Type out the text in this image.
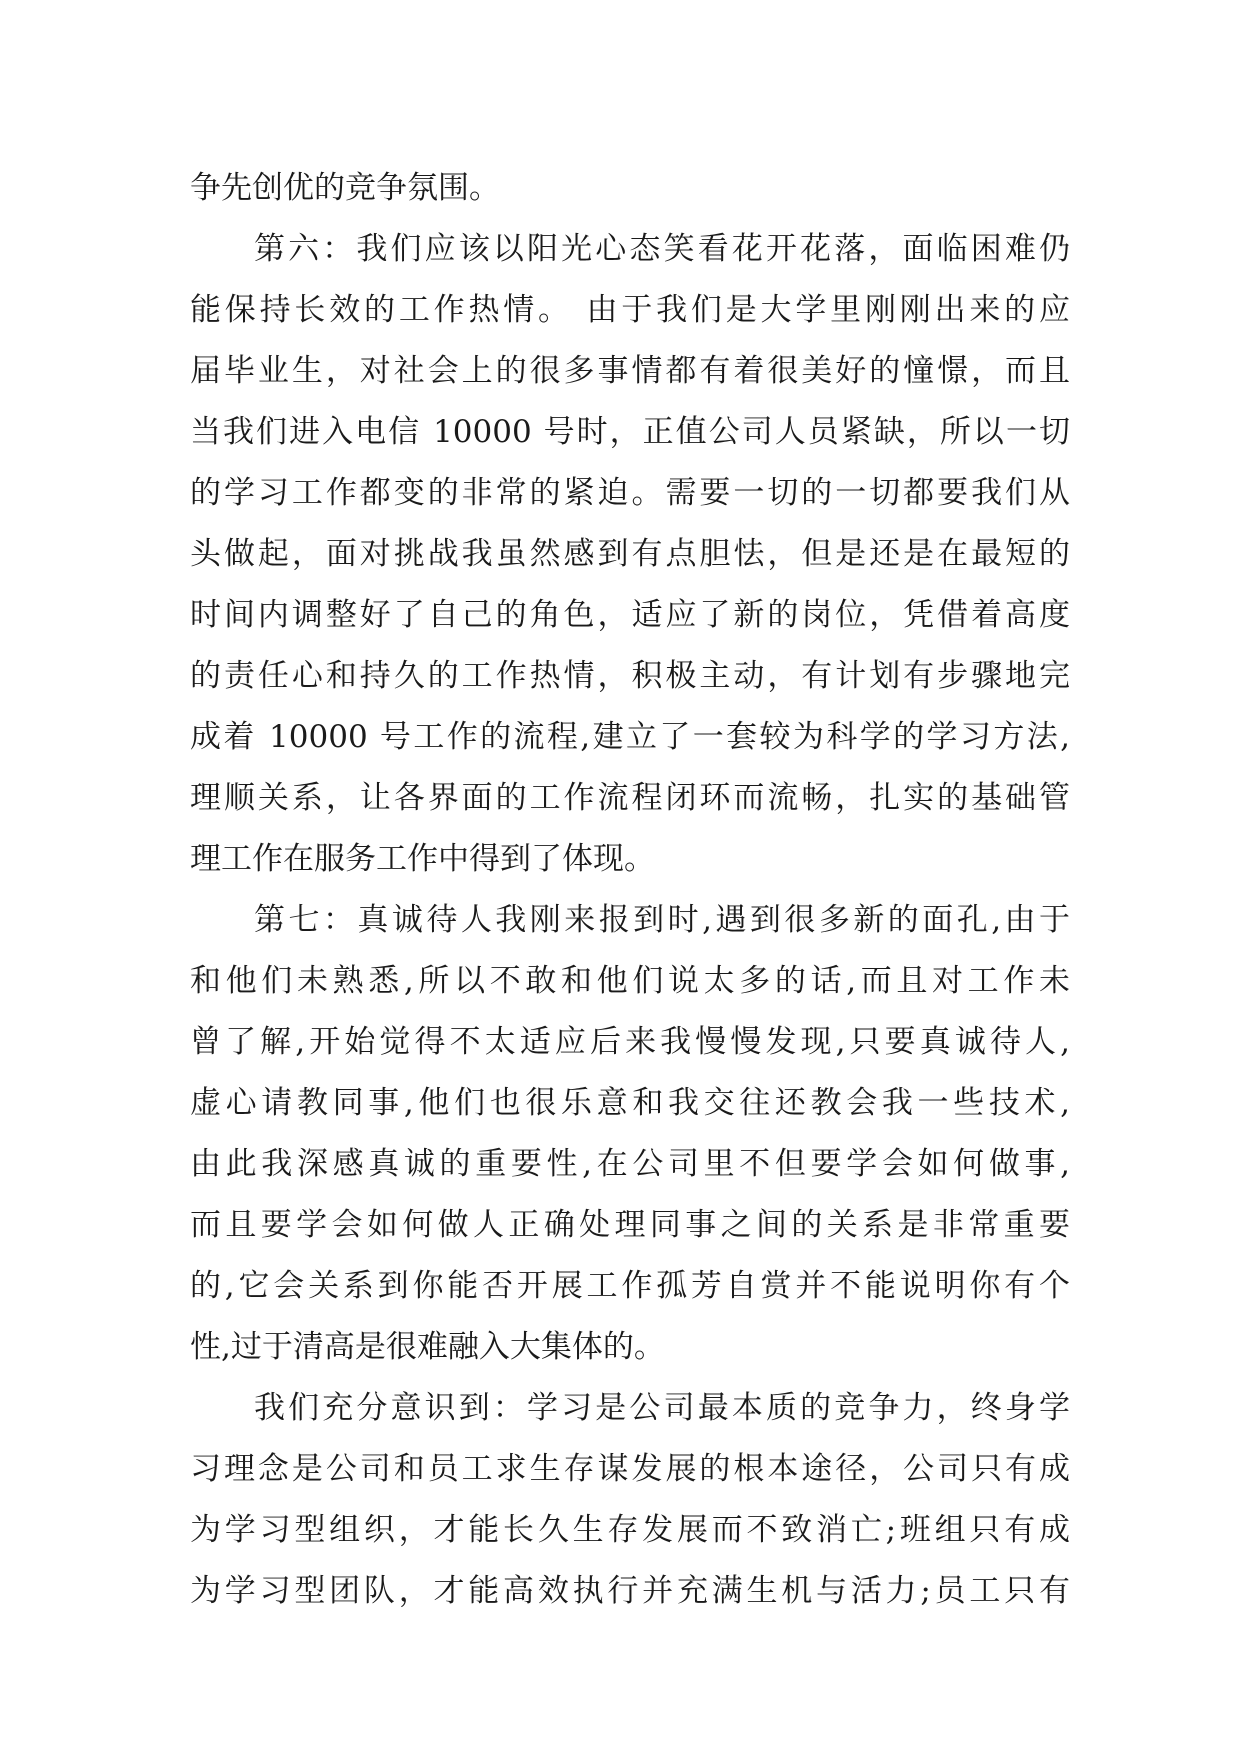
争先创优的竞争氛围。
第六：我们应该以阳光心态笑看花开花落，面临困难仍
能保持长效的工作热情。 由于我们是大学里刚刚出来的应
届毕业生，对社会上的很多事情都有着很美好的憧憬，而且
当我们进入电信 10000 号时，正值公司人员紧缺，所以一切
的学习工作都变的非常的紧迫。需要一切的一切都要我们从
头做起，面对挑战我虽然感到有点胆怯，但是还是在最短的
时间内调整好了自己的角色，适应了新的岗位，凭借着高度
的责任心和持久的工作热情，积极主动，有计划有步骤地完
成着 10000 号工作的流程,建立了一套较为科学的学习方法,
理顺关系，让各界面的工作流程闭环而流畅，扎实的基础管
理工作在服务工作中得到了体现。
第七：真诚待人我刚来报到时,遇到很多新的面孔,由于
和他们未熟悉,所以不敢和他们说太多的话,而且对工作未
曾了解,开始觉得不太适应后来我慢慢发现,只要真诚待人,
虚心请教同事,他们也很乐意和我交往还教会我一些技术,
由此我深感真诚的重要性,在公司里不但要学会如何做事,
而且要学会如何做人正确处理同事之间的关系是非常重要
的,它会关系到你能否开展工作孤芳自赏并不能说明你有个
性,过于清高是很难融入大集体的。
我们充分意识到：学习是公司最本质的竞争力，终身学
习理念是公司和员工求生存谋发展的根本途径，公司只有成
为学习型组织，才能长久生存发展而不致消亡;班组只有成
为学习型团队，才能高效执行并充满生机与活力;员工只有
